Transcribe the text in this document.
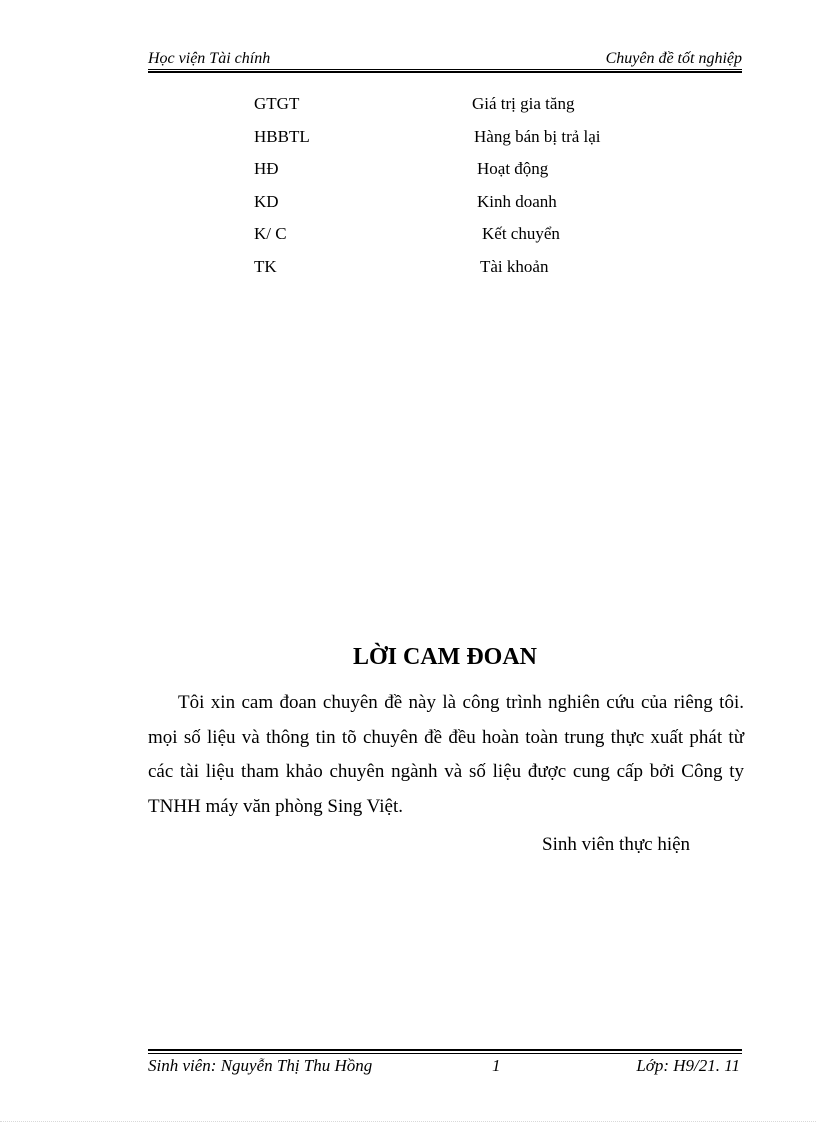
Học viện Tài chính	Chuyên đề tốt nghiệp
GTGT	Giá trị gia tăng
HBBTL	Hàng bán bị trả lại
HĐ	Hoạt động
KD	Kinh doanh
K/ C	Kết chuyển
TK	Tài khoản
LỜI CAM ĐOAN

Tôi xin cam đoan chuyên đề này là công trình nghiên cứu của riêng tôi. mọi số liệu và thông tin tõ chuyên đề đều hoàn toàn trung thực xuất phát từ các tài liệu tham khảo chuyên ngành và số liệu được cung cấp bởi Công ty TNHH máy văn phòng Sing Việt.

Sinh viên thực hiện
Sinh viên: Nguyễn Thị Thu Hồng	1	Lớp: H9/21. 11
